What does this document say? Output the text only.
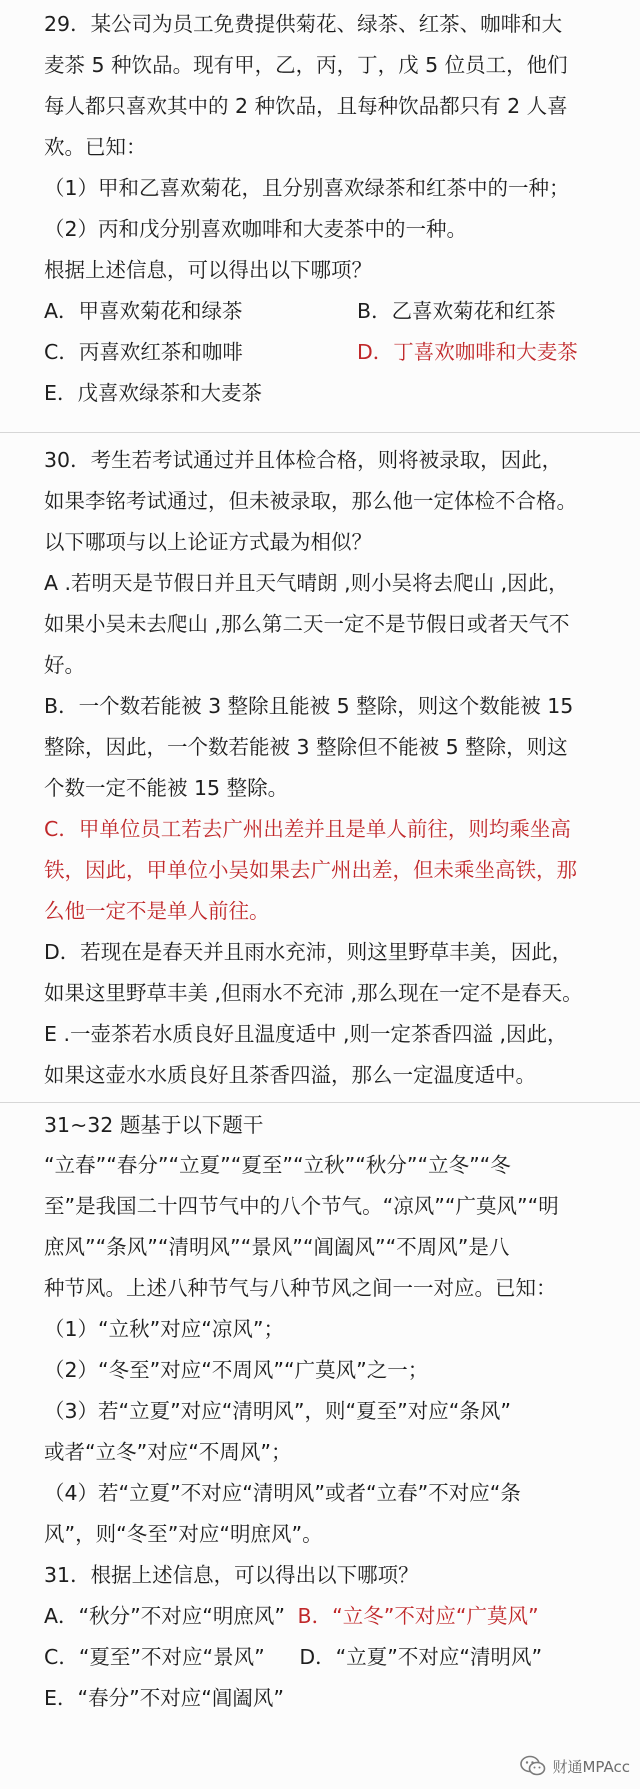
29．某公司为员工免费提供菊花、绿茶、红茶、咖啡和大
麦茶 5 种饮品。现有甲，乙，丙，丁，戊 5 位员工，他们
每人都只喜欢其中的 2 种饮品，且每种饮品都只有 2 人喜
欢。已知：
（1）甲和乙喜欢菊花，且分别喜欢绿茶和红茶中的一种；
（2）丙和戊分别喜欢咖啡和大麦茶中的一种。
根据上述信息，可以得出以下哪项？
A．甲喜欢菊花和绿茶	B．乙喜欢菊花和红茶
C．丙喜欢红茶和咖啡	D．丁喜欢咖啡和大麦茶
E．戊喜欢绿茶和大麦茶
30．考生若考试通过并且体检合格，则将被录取，因此，
如果李铭考试通过，但未被录取，那么他一定体检不合格。
以下哪项与以上论证方式最为相似？
A .若明天是节假日并且天气晴朗 ,则小吴将去爬山 ,因此，
如果小吴未去爬山 ,那么第二天一定不是节假日或者天气不
好。
B．一个数若能被 3 整除且能被 5 整除，则这个数能被 15
整除，因此，一个数若能被 3 整除但不能被 5 整除，则这
个数一定不能被 15 整除。
C．甲单位员工若去广州出差并且是单人前往，则均乘坐高
铁，因此，甲单位小吴如果去广州出差，但未乘坐高铁，那
么他一定不是单人前往。
D．若现在是春天并且雨水充沛，则这里野草丰美，因此，
如果这里野草丰美 ,但雨水不充沛 ,那么现在一定不是春天。
E .一壶茶若水质良好且温度适中 ,则一定茶香四溢 ,因此，
如果这壶水水质良好且茶香四溢，那么一定温度适中。
31~32 题基于以下题干
“立春”“春分”“立夏”“夏至”“立秋”“秋分”“立冬”“冬
至”是我国二十四节气中的八个节气。“凉风”“广莫风”“明
庶风”“条风”“清明风”“景风”“阊阖风”“不周风”是八
种节风。上述八种节气与八种节风之间一一对应。已知：
（1）“立秋”对应“凉风”；
（2）“冬至”对应“不周风”“广莫风”之一；
（3）若“立夏”对应“清明风”，则“夏至”对应“条风”
或者“立冬”对应“不周风”；
（4）若“立夏”不对应“清明风”或者“立春”不对应“条
风”，则“冬至”对应“明庶风”。
31．根据上述信息，可以得出以下哪项？
A．“秋分”不对应“明庶风” B．“立冬”不对应“广莫风”
C．“夏至”不对应“景风” D．“立夏”不对应“清明风”
E．“春分”不对应“阊阖风”
财通MPAcc
